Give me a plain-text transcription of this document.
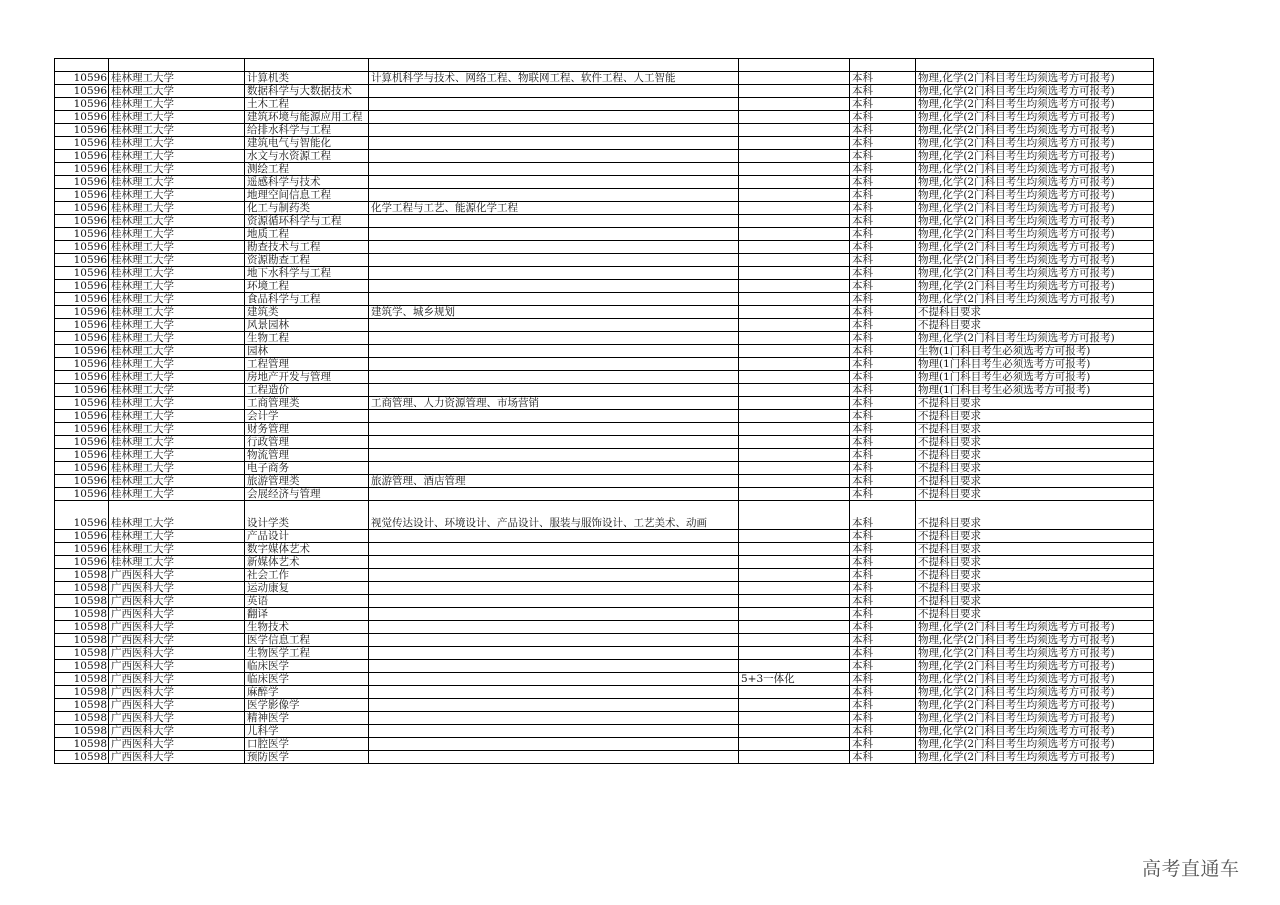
10596	桂林理工大学	计算机类	计算机科学与技术、网络工程、物联网工程、软件工程、人工智能		本科	物理,化学(2门科目考生均须选考方可报考)
10596	桂林理工大学	数据科学与大数据技术			本科	物理,化学(2门科目考生均须选考方可报考)
10596	桂林理工大学	土木工程			本科	物理,化学(2门科目考生均须选考方可报考)
10596	桂林理工大学	建筑环境与能源应用工程			本科	物理,化学(2门科目考生均须选考方可报考)
10596	桂林理工大学	给排水科学与工程			本科	物理,化学(2门科目考生均须选考方可报考)
10596	桂林理工大学	建筑电气与智能化			本科	物理,化学(2门科目考生均须选考方可报考)
10596	桂林理工大学	水文与水资源工程			本科	物理,化学(2门科目考生均须选考方可报考)
10596	桂林理工大学	测绘工程			本科	物理,化学(2门科目考生均须选考方可报考)
10596	桂林理工大学	遥感科学与技术			本科	物理,化学(2门科目考生均须选考方可报考)
10596	桂林理工大学	地理空间信息工程			本科	物理,化学(2门科目考生均须选考方可报考)
10596	桂林理工大学	化工与制药类	化学工程与工艺、能源化学工程		本科	物理,化学(2门科目考生均须选考方可报考)
10596	桂林理工大学	资源循环科学与工程			本科	物理,化学(2门科目考生均须选考方可报考)
10596	桂林理工大学	地质工程			本科	物理,化学(2门科目考生均须选考方可报考)
10596	桂林理工大学	勘查技术与工程			本科	物理,化学(2门科目考生均须选考方可报考)
10596	桂林理工大学	资源勘查工程			本科	物理,化学(2门科目考生均须选考方可报考)
10596	桂林理工大学	地下水科学与工程			本科	物理,化学(2门科目考生均须选考方可报考)
10596	桂林理工大学	环境工程			本科	物理,化学(2门科目考生均须选考方可报考)
10596	桂林理工大学	食品科学与工程			本科	物理,化学(2门科目考生均须选考方可报考)
10596	桂林理工大学	建筑类	建筑学、城乡规划		本科	不提科目要求
10596	桂林理工大学	风景园林			本科	不提科目要求
10596	桂林理工大学	生物工程			本科	物理,化学(2门科目考生均须选考方可报考)
10596	桂林理工大学	园林			本科	生物(1门科目考生必须选考方可报考)
10596	桂林理工大学	工程管理			本科	物理(1门科目考生必须选考方可报考)
10596	桂林理工大学	房地产开发与管理			本科	物理(1门科目考生必须选考方可报考)
10596	桂林理工大学	工程造价			本科	物理(1门科目考生必须选考方可报考)
10596	桂林理工大学	工商管理类	工商管理、人力资源管理、市场营销		本科	不提科目要求
10596	桂林理工大学	会计学			本科	不提科目要求
10596	桂林理工大学	财务管理			本科	不提科目要求
10596	桂林理工大学	行政管理			本科	不提科目要求
10596	桂林理工大学	物流管理			本科	不提科目要求
10596	桂林理工大学	电子商务			本科	不提科目要求
10596	桂林理工大学	旅游管理类	旅游管理、酒店管理		本科	不提科目要求
10596	桂林理工大学	会展经济与管理			本科	不提科目要求
10596	桂林理工大学	设计学类	视觉传达设计、环境设计、产品设计、服装与服饰设计、工艺美术、动画		本科	不提科目要求
10596	桂林理工大学	产品设计			本科	不提科目要求
10596	桂林理工大学	数字媒体艺术			本科	不提科目要求
10596	桂林理工大学	新媒体艺术			本科	不提科目要求
10598	广西医科大学	社会工作			本科	不提科目要求
10598	广西医科大学	运动康复			本科	不提科目要求
10598	广西医科大学	英语			本科	不提科目要求
10598	广西医科大学	翻译			本科	不提科目要求
10598	广西医科大学	生物技术			本科	物理,化学(2门科目考生均须选考方可报考)
10598	广西医科大学	医学信息工程			本科	物理,化学(2门科目考生均须选考方可报考)
10598	广西医科大学	生物医学工程			本科	物理,化学(2门科目考生均须选考方可报考)
10598	广西医科大学	临床医学			本科	物理,化学(2门科目考生均须选考方可报考)
10598	广西医科大学	临床医学		5+3一体化	本科	物理,化学(2门科目考生均须选考方可报考)
10598	广西医科大学	麻醉学			本科	物理,化学(2门科目考生均须选考方可报考)
10598	广西医科大学	医学影像学			本科	物理,化学(2门科目考生均须选考方可报考)
10598	广西医科大学	精神医学			本科	物理,化学(2门科目考生均须选考方可报考)
10598	广西医科大学	儿科学			本科	物理,化学(2门科目考生均须选考方可报考)
10598	广西医科大学	口腔医学			本科	物理,化学(2门科目考生均须选考方可报考)
10598	广西医科大学	预防医学			本科	物理,化学(2门科目考生均须选考方可报考)
高考直通车
